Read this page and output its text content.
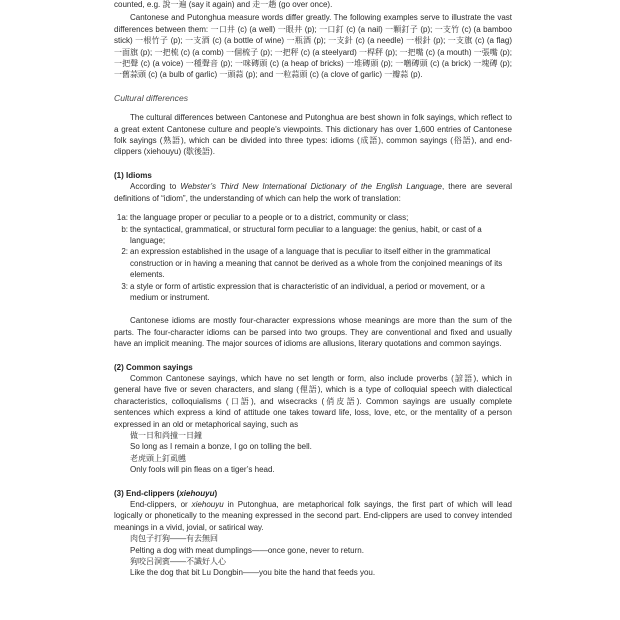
counted, e.g. 說一遍 (say it again) and 走一趟 (go over once).

Cantonese and Putonghua measure words differ greatly. The following examples serve to illustrate the vast differences between them: 一口井 (c) (a well) 一眼井 (p); 一口釘 (c) (a nail) 一顆釘子 (p); 一支竹 (c) (a bamboo stick) 一根竹子 (p); 一支酒 (c) (a bottle of wine) 一瓶酒 (p); 一支針 (c) (a needle) 一根針 (p); 一支旗 (c) (a flag) 一面旗 (p); 一把梳 (c) (a comb) 一個梳子 (p); 一把秤 (c) (a steelyard) 一桿秤 (p); 一把嘴 (c) (a mouth) 一張嘴 (p); 一把聲 (c) (a voice) 一種聲音 (p); 一咪磚頭 (c) (a heap of bricks) 一堆磚頭 (p); 一嚿磚頭 (c) (a brick) 一塊磚 (p); 一舊蒜頭 (c) (a bulb of garlic) 一頭蒜 (p); and 一粒蒜頭 (c) (a clove of garlic) 一瓣蒜 (p).

Cultural differences

The cultural differences between Cantonese and Putonghua are best shown in folk sayings, which reflect to a great extent Cantonese culture and people’s viewpoints. This dictionary has over 1,600 entries of Cantonese folk sayings (熟語), which can be divided into three types: idioms (成語), common sayings (俗語), and end-clippers (xiehouyu) (歇後語).

(1) Idioms

According to Webster’s Third New International Dictionary of the English Language, there are several definitions of “idiom”, the understanding of which can help the work of translation:

1a: the language proper or peculiar to a people or to a district, community or class;
b: the syntactical, grammatical, or structural form peculiar to a language: the genius, habit, or cast of a language;
2: an expression established in the usage of a language that is peculiar to itself either in the grammatical construction or in having a meaning that cannot be derived as a whole from the conjoined meanings of its elements.
3: a style or form of artistic expression that is characteristic of an individual, a period or movement, or a medium or instrument.

Cantonese idioms are mostly four-character expressions whose meanings are more than the sum of the parts. The four-character idioms can be parsed into two groups. They are conventional and fixed and usually have an implicit meaning. The major sources of idioms are allusions, literary quotations and common sayings.

(2) Common sayings

Common Cantonese sayings, which have no set length or form, also include proverbs (諺語), which in general have five or seven characters, and slang (俚語), which is a type of colloquial speech with dialectical characteristics, colloquialisms (口語), and wisecracks (俏皮語). Common sayings are usually complete sentences which express a kind of attitude one takes toward life, loss, love, etc, or the mentality of a person expressed in an old or metaphorical saying, such as

做一日和尚撞一日鐘
So long as I remain a bonze, I go on tolling the bell.
老虎頭上釘虱乸
Only fools will pin fleas on a tiger’s head.
(3) End-clippers (xiehouyu)

End-clippers, or xiehouyu in Putonghua, are metaphorical folk sayings, the first part of which will lead logically or phonetically to the meaning expressed in the second part. End-clippers are used to convey intended meanings in a vivid, jovial, or satirical way.

肉包子打狗——有去無回
Pelting a dog with meat dumplings——once gone, never to return.
狗咬呂洞賓——不識好人心
Like the dog that bit Lu Dongbin——you bite the hand that feeds you.
